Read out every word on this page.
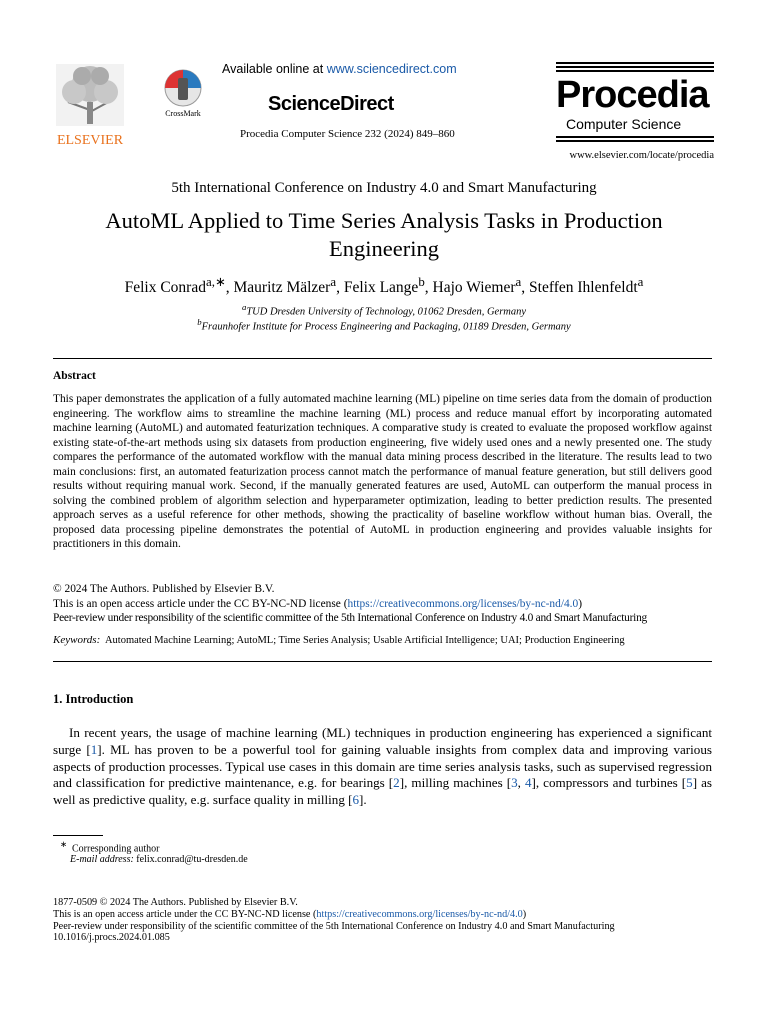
ELSEVIER
CrossMark
Available online at www.sciencedirect.com
ScienceDirect
Procedia Computer Science 232 (2024) 849–860
Procedia
Computer Science
www.elsevier.com/locate/procedia
5th International Conference on Industry 4.0 and Smart Manufacturing
AutoML Applied to Time Series Analysis Tasks in Production
Engineering
Felix Conrad$^{a,∗}$, Mauritz Mälzer$^a$, Felix Lange$^b$, Hajo Wiemer$^a$, Steffen Ihlenfeldt$^a$
$^a$TUD Dresden University of Technology, 01062 Dresden, Germany
$^b$Fraunhofer Institute for Process Engineering and Packaging, 01189 Dresden, Germany
Abstract
This paper demonstrates the application of a fully automated machine learning (ML) pipeline on time series data from the domain of production engineering. The workflow aims to streamline the machine learning (ML) process and reduce manual effort by incorporating automated machine learning (AutoML) and automated featurization techniques. A comparative study is created to evaluate the proposed workflow against existing state-of-the-art methods using six datasets from production engineering, five widely used ones and a newly presented one. The study compares the performance of the automated workflow with the manual data mining process described in the literature. The results lead to two main conclusions: first, an automated featurization process cannot match the performance of manual feature generation, but still delivers good results without requiring manual work. Second, if the manually generated features are used, AutoML can outperform the manual process in solving the combined problem of algorithm selection and hyperparameter optimization, leading to better prediction results. The presented approach serves as a useful reference for other methods, showing the practicality of baseline workflow without human bias. Overall, the proposed data processing pipeline demonstrates the potential of AutoML in production engineering and provides valuable insights for practitioners in this domain.
© 2024 The Authors. Published by Elsevier B.V.
This is an open access article under the CC BY-NC-ND license (https://creativecommons.org/licenses/by-nc-nd/4.0)
Peer-review under responsibility of the scientific committee of the 5th International Conference on Industry 4.0 and Smart Manufacturing
Keywords: Automated Machine Learning; AutoML; Time Series Analysis; Usable Artificial Intelligence; UAI; Production Engineering
1. Introduction
In recent years, the usage of machine learning (ML) techniques in production engineering has experienced a significant surge [1]. ML has proven to be a powerful tool for gaining valuable insights from complex data and improving various aspects of production processes. Typical use cases in this domain are time series analysis tasks, such as supervised regression and classification for predictive maintenance, e.g. for bearings [2], milling machines [3, 4], compressors and turbines [5] as well as predictive quality, e.g. surface quality in milling [6].
∗ Corresponding author
E-mail address: felix.conrad@tu-dresden.de
1877-0509 © 2024 The Authors. Published by Elsevier B.V.
This is an open access article under the CC BY-NC-ND license (https://creativecommons.org/licenses/by-nc-nd/4.0)
Peer-review under responsibility of the scientific committee of the 5th International Conference on Industry 4.0 and Smart Manufacturing
10.1016/j.procs.2024.01.085
